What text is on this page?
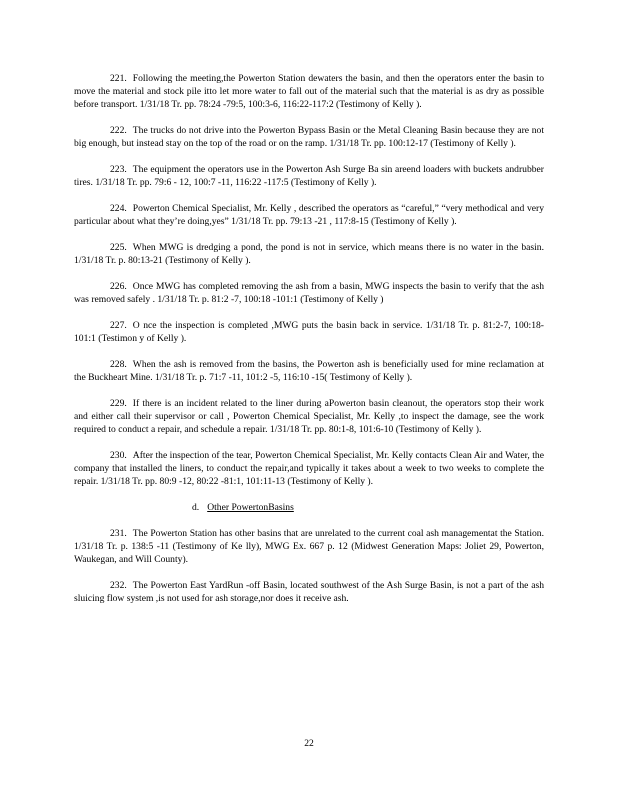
221. Following the meeting,the Powerton Station dewaters the basin, and then the operators enter the basin to move the material and stock pile itto let more water to fall out of the material such that the material is as dry as possible before transport. 1/31/18 Tr. pp. 78:24 -79:5, 100:3-6, 116:22-117:2 (Testimony of Kelly ).

222. The trucks do not drive into the Powerton Bypass Basin or the Metal Cleaning Basin because they are not big enough, but instead stay on the top of the road or on the ramp. 1/31/18 Tr. pp. 100:12-17 (Testimony of Kelly ).

223. The equipment the operators use in the Powerton Ash Surge Ba sin areend loaders with buckets andrubber tires. 1/31/18 Tr. pp. 79:6 - 12, 100:7 -11, 116:22 -117:5 (Testimony of Kelly ).

224. Powerton Chemical Specialist, Mr. Kelly , described the operators as “careful,” “very methodical and very particular about what they’re doing,yes” 1/31/18 Tr. pp. 79:13 -21 , 117:8-15 (Testimony of Kelly ).

225. When MWG is dredging a pond, the pond is not in service, which means there is no water in the basin. 1/31/18 Tr. p. 80:13-21 (Testimony of Kelly ).

226. Once MWG has completed removing the ash from a basin, MWG inspects the basin to verify that the ash was removed safely . 1/31/18 Tr. p. 81:2 -7, 100:18 -101:1 (Testimony of Kelly )

227. O nce the inspection is completed ,MWG puts the basin back in service. 1/31/18 Tr. p. 81:2-7, 100:18-101:1 (Testimon y of Kelly ).

228. When the ash is removed from the basins, the Powerton ash is beneficially used for mine reclamation at the Buckheart Mine. 1/31/18 Tr. p. 71:7 -11, 101:2 -5, 116:10 -15( Testimony of Kelly ).

229. If there is an incident related to the liner during aPowerton basin cleanout, the operators stop their work and either call their supervisor or call , Powerton Chemical Specialist, Mr. Kelly ,to inspect the damage, see the work required to conduct a repair, and schedule a repair. 1/31/18 Tr. pp. 80:1-8, 101:6-10 (Testimony of Kelly ).

230. After the inspection of the tear, Powerton Chemical Specialist, Mr. Kelly contacts Clean Air and Water, the company that installed the liners, to conduct the repair,and typically it takes about a week to two weeks to complete the repair. 1/31/18 Tr. pp. 80:9 -12, 80:22 -81:1, 101:11-13 (Testimony of Kelly ).

d. Other PowertonBasins

231. The Powerton Station has other basins that are unrelated to the current coal ash managementat the Station. 1/31/18 Tr. p. 138:5 -11 (Testimony of Ke lly), MWG Ex. 667 p. 12 (Midwest Generation Maps: Joliet 29, Powerton, Waukegan, and Will County).

232. The Powerton East YardRun -off Basin, located southwest of the Ash Surge Basin, is not a part of the ash sluicing flow system ,is not used for ash storage,nor does it receive ash.

22
